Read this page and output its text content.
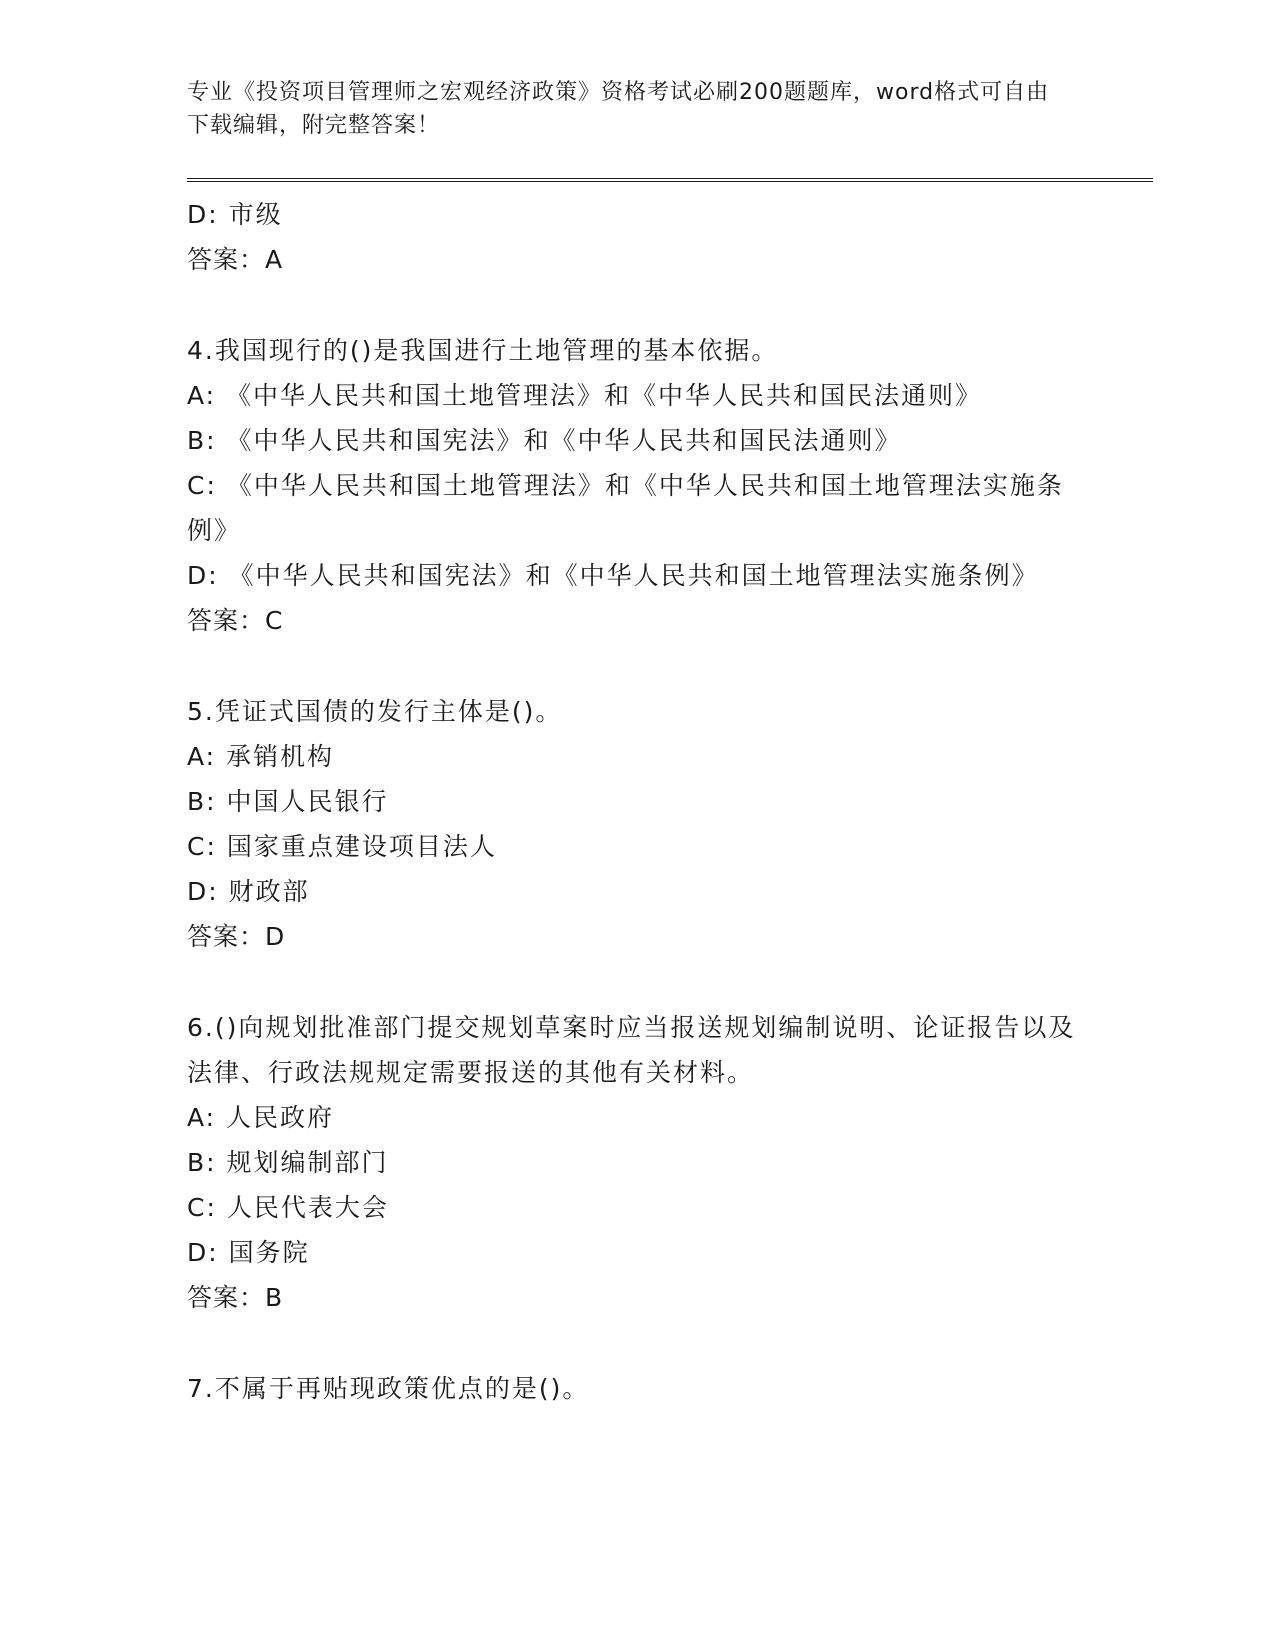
专业《投资项目管理师之宏观经济政策》资格考试必刷200题题库，word格式可自由下载编辑，附完整答案！
D: 市级
答案：A
4.我国现行的()是我国进行土地管理的基本依据。
A: 《中华人民共和国土地管理法》和《中华人民共和国民法通则》
B: 《中华人民共和国宪法》和《中华人民共和国民法通则》
C: 《中华人民共和国土地管理法》和《中华人民共和国土地管理法实施条例》
D: 《中华人民共和国宪法》和《中华人民共和国土地管理法实施条例》
答案：C
5.凭证式国债的发行主体是()。
A: 承销机构
B: 中国人民银行
C: 国家重点建设项目法人
D: 财政部
答案：D
6.()向规划批准部门提交规划草案时应当报送规划编制说明、论证报告以及法律、行政法规规定需要报送的其他有关材料。
A: 人民政府
B: 规划编制部门
C: 人民代表大会
D: 国务院
答案：B
7.不属于再贴现政策优点的是()。
